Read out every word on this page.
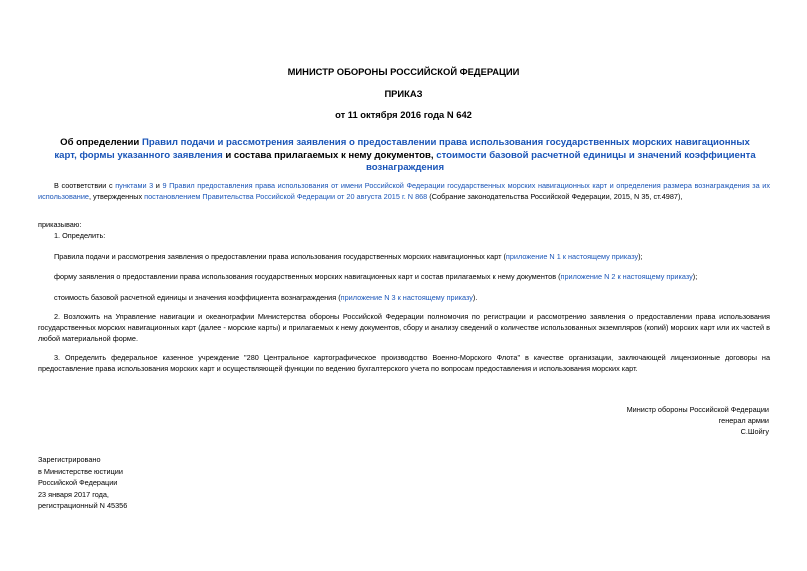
МИНИСТР ОБОРОНЫ РОССИЙСКОЙ ФЕДЕРАЦИИ
ПРИКАЗ
от 11 октября 2016 года N 642
Об определении Правил подачи и рассмотрения заявления о предоставлении права использования государственных морских навигационных карт, формы указанного заявления и состава прилагаемых к нему документов, стоимости базовой расчетной единицы и значений коэффициента вознаграждения
В соответствии с пунктами 3 и 9 Правил предоставления права использования от имени Российской Федерации государственных морских навигационных карт и определения размера вознаграждения за их использование, утвержденных постановлением Правительства Российской Федерации от 20 августа 2015 г. N 868 (Собрание законодательства Российской Федерации, 2015, N 35, ст.4987),
приказываю:
1. Определить:
Правила подачи и рассмотрения заявления о предоставлении права использования государственных морских навигационных карт (приложение N 1 к настоящему приказу);
форму заявления о предоставлении права использования государственных морских навигационных карт и состав прилагаемых к нему документов (приложение N 2 к настоящему приказу);
стоимость базовой расчетной единицы и значения коэффициента вознаграждения (приложение N 3 к настоящему приказу).
2. Возложить на Управление навигации и океанографии Министерства обороны Российской Федерации полномочия по регистрации и рассмотрению заявления о предоставлении права использования государственных морских навигационных карт (далее - морские карты) и прилагаемых к нему документов, сбору и анализу сведений о количестве использованных экземпляров (копий) морских карт или их частей в любой материальной форме.
3. Определить федеральное казенное учреждение "280 Центральное картографическое производство Военно-Морского Флота" в качестве организации, заключающей лицензионные договоры на предоставление права использования морских карт и осуществляющей функции по ведению бухгалтерского учета по вопросам предоставления и использования морских карт.
Министр обороны Российской Федерации
генерал армии
С.Шойгу
Зарегистрировано
в Министерстве юстиции
Российской Федерации
23 января 2017 года,
регистрационный N 45356
